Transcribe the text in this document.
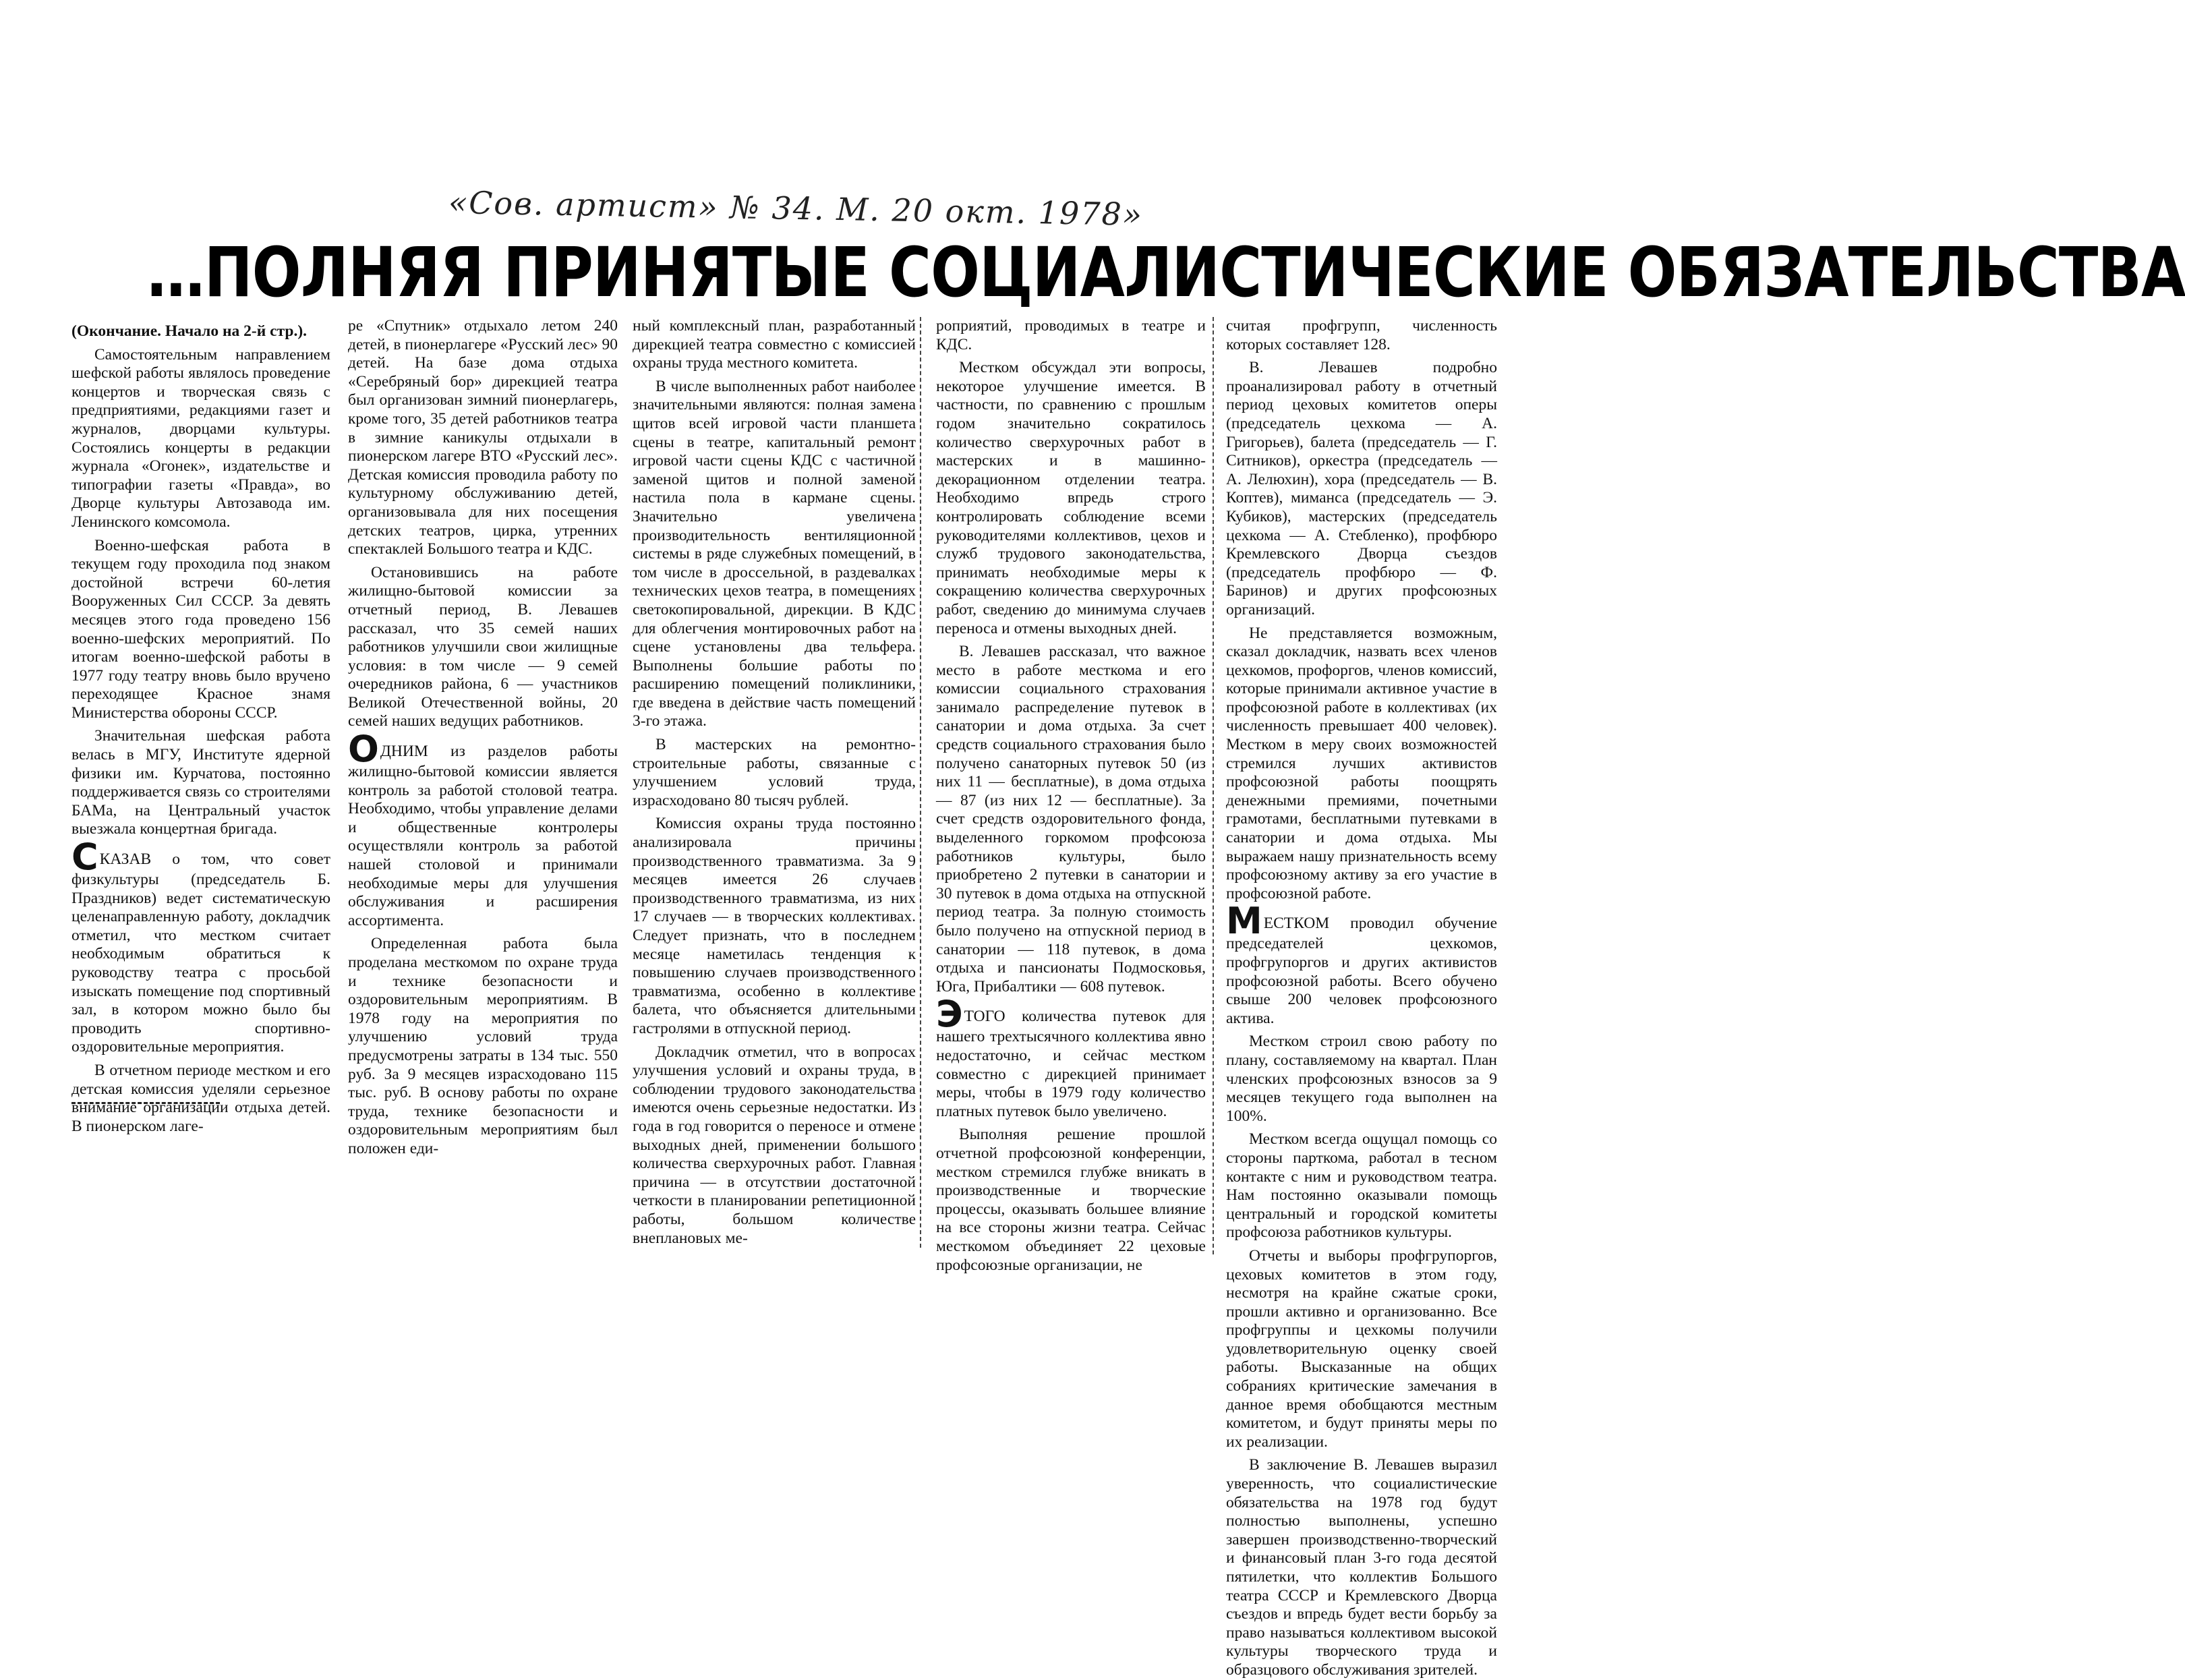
«Сов. артист» № 34. М. 20 окт. 1978»
…ПОЛНЯЯ ПРИНЯТЫЕ СОЦИАЛИСТИЧЕСКИЕ ОБЯЗАТЕЛЬСТВА

(Окончание. Начало на 2-й стр.).

Самостоятельным направлением шефской работы являлось проведение концертов и творческая связь с предприятиями, редакциями газет и журналов, дворцами культуры. Состоялись концерты в редакции журнала «Огонек», издательстве и типографии газеты «Правда», во Дворце культуры Автозавода им. Ленинского комсомола.

Военно-шефская работа в текущем году проходила под знаком достойной встречи 60-летия Вооруженных Сил СССР. За девять месяцев этого года проведено 156 военно-шефских мероприятий. По итогам военно-шефской работы в 1977 году театру вновь было вручено переходящее Красное знамя Министерства обороны СССР.

Значительная шефская работа велась в МГУ, Институте ядерной физики им. Курчатова, постоянно поддерживается связь со строителями БАМа, на Центральный участок выезжала концертная бригада.

СКАЗАВ о том, что совет физкультуры (председатель Б. Праздников) ведет систематическую целенаправленную работу, докладчик отметил, что местком считает необходимым обратиться к руководству театра с просьбой изыскать помещение под спортивный зал, в котором можно было бы проводить спортивно-оздоровительные мероприятия.

В отчетном периоде местком и его детская комиссия уделяли серьезное внимание организации отдыха детей. В пионерском лаге-

ре «Спутник» отдыхало летом 240 детей, в пионерлагере «Русский лес» 90 детей. На базе дома отдыха «Серебряный бор» дирекцией театра был организован зимний пионерлагерь, кроме того, 35 детей работников театра в зимние каникулы отдыхали в пионерском лагере ВТО «Русский лес». Детская комиссия проводила работу по культурному обслуживанию детей, организовывала для них посещения детских театров, цирка, утренних спектаклей Большого театра и КДС.

Остановившись на работе жилищно-бытовой комиссии за отчетный период, В. Левашев рассказал, что 35 семей наших работников улучшили свои жилищные условия: в том числе — 9 семей очередников района, 6 — участников Великой Отечественной войны, 20 семей наших ведущих работников.

ОДНИМ из разделов работы жилищно-бытовой комиссии является контроль за работой столовой театра. Необходимо, чтобы управление делами и общественные контролеры осуществляли контроль за работой нашей столовой и принимали необходимые меры для улучшения обслуживания и расширения ассортимента.

Определенная работа была проделана месткомом по охране труда и технике безопасности и оздоровительным мероприятиям. В 1978 году на мероприятия по улучшению условий труда предусмотрены затраты в 134 тыс. 550 руб. За 9 месяцев израсходовано 115 тыс. руб. В основу работы по охране труда, технике безопасности и оздоровительным мероприятиям был положен еди-

ный комплексный план, разработанный дирекцией театра совместно с комиссией охраны труда местного комитета.

В числе выполненных работ наиболее значительными являются: полная замена щитов всей игровой части планшета сцены в театре, капитальный ремонт игровой части сцены КДС с частичной заменой щитов и полной заменой настила пола в кармане сцены. Значительно увеличена производительность вентиляционной системы в ряде служебных помещений, в том числе в дроссельной, в раздевалках технических цехов театра, в помещениях светокопировальной, дирекции. В КДС для облегчения монтировочных работ на сцене установлены два тельфера. Выполнены большие работы по расширению помещений поликлиники, где введена в действие часть помещений 3-го этажа.

В мастерских на ремонтно-строительные работы, связанные с улучшением условий труда, израсходовано 80 тысяч рублей.

Комиссия охраны труда постоянно анализировала причины производственного травматизма. За 9 месяцев имеется 26 случаев производственного травматизма, из них 17 случаев — в творческих коллективах. Следует признать, что в последнем месяце наметилась тенденция к повышению случаев производственного травматизма, особенно в коллективе балета, что объясняется длительными гастролями в отпускной период.

Докладчик отметил, что в вопросах улучшения условий и охраны труда, в соблюдении трудового законодательства имеются очень серьезные недостатки. Из года в год говорится о переносе и отмене выходных дней, применении большого количества сверхурочных работ. Главная причина — в отсутствии достаточной четкости в планировании репетиционной работы, большом количестве внеплановых ме-

роприятий, проводимых в театре и КДС.

Местком обсуждал эти вопросы, некоторое улучшение имеется. В частности, по сравнению с прошлым годом значительно сократилось количество сверхурочных работ в мастерских и в машинно-декорационном отделении театра. Необходимо впредь строго контролировать соблюдение всеми руководителями коллективов, цехов и служб трудового законодательства, принимать необходимые меры к сокращению количества сверхурочных работ, сведению до минимума случаев переноса и отмены выходных дней.

В. Левашев рассказал, что важное место в работе месткома и его комиссии социального страхования занимало распределение путевок в санатории и дома отдыха. За счет средств социального страхования было получено санаторных путевок 50 (из них 11 — бесплатные), в дома отдыха — 87 (из них 12 — бесплатные). За счет средств оздоровительного фонда, выделенного горкомом профсоюза работников культуры, было приобретено 2 путевки в санатории и 30 путевок в дома отдыха на отпускной период театра. За полную стоимость было получено на отпускной период в санатории — 118 путевок, в дома отдыха и пансионаты Подмосковья, Юга, Прибалтики — 608 путевок.

ЭТОГО количества путевок для нашего трехтысячного коллектива явно недостаточно, и сейчас местком совместно с дирекцией принимает меры, чтобы в 1979 году количество платных путевок было увеличено.

Выполняя решение прошлой отчетной профсоюзной конференции, местком стремился глубже вникать в производственные и творческие процессы, оказывать большее влияние на все стороны жизни театра. Сейчас месткомом объединяет 22 цеховые профсоюзные организации, не

считая профгрупп, численность которых составляет 128.

В. Левашев подробно проанализировал работу в отчетный период цеховых комитетов оперы (председатель цехкома — А. Григорьев), балета (председатель — Г. Ситников), оркестра (председатель — А. Лелюхин), хора (председатель — В. Коптев), миманса (председатель — Э. Кубиков), мастерских (председатель цехкома — А. Стебленко), профбюро Кремлевского Дворца съездов (председатель профбюро — Ф. Баринов) и других профсоюзных организаций.

Не представляется возможным, сказал докладчик, назвать всех членов цехкомов, профоргов, членов комиссий, которые принимали активное участие в профсоюзной работе в коллективах (их численность превышает 400 человек). Местком в меру своих возможностей стремился лучших активистов профсоюзной работы поощрять денежными премиями, почетными грамотами, бесплатными путевками в санатории и дома отдыха. Мы выражаем нашу признательность всему профсоюзному активу за его участие в профсоюзной работе.

МЕСТКОМ проводил обучение председателей цехкомов, профгрупоргов и других активистов профсоюзной работы. Всего обучено свыше 200 человек профсоюзного актива.

Местком строил свою работу по плану, составляемому на квартал. План членских профсоюзных взносов за 9 месяцев текущего года выполнен на 100%.

Местком всегда ощущал помощь со стороны парткома, работал в тесном контакте с ним и руководством театра. Нам постоянно оказывали помощь центральный и городской комитеты профсоюза работников культуры.

Отчеты и выборы профгрупоргов, цеховых комитетов в этом году, несмотря на крайне сжатые сроки, прошли активно и организованно. Все профгруппы и цехкомы получили удовлетворительную оценку своей работы. Высказанные на общих собраниях критические замечания в данное время обобщаются местным комитетом, и будут приняты меры по их реализации.

В заключение В. Левашев выразил уверенность, что социалистические обязательства на 1978 год будут полностью выполнены, успешно завершен производственно-творческий и финансовый план 3-го года десятой пятилетки, что коллектив Большого театра СССР и Кремлевского Дворца съездов и впредь будет вести борьбу за право называться коллективом высокой культуры творческого труда и образцового обслуживания зрителей.
